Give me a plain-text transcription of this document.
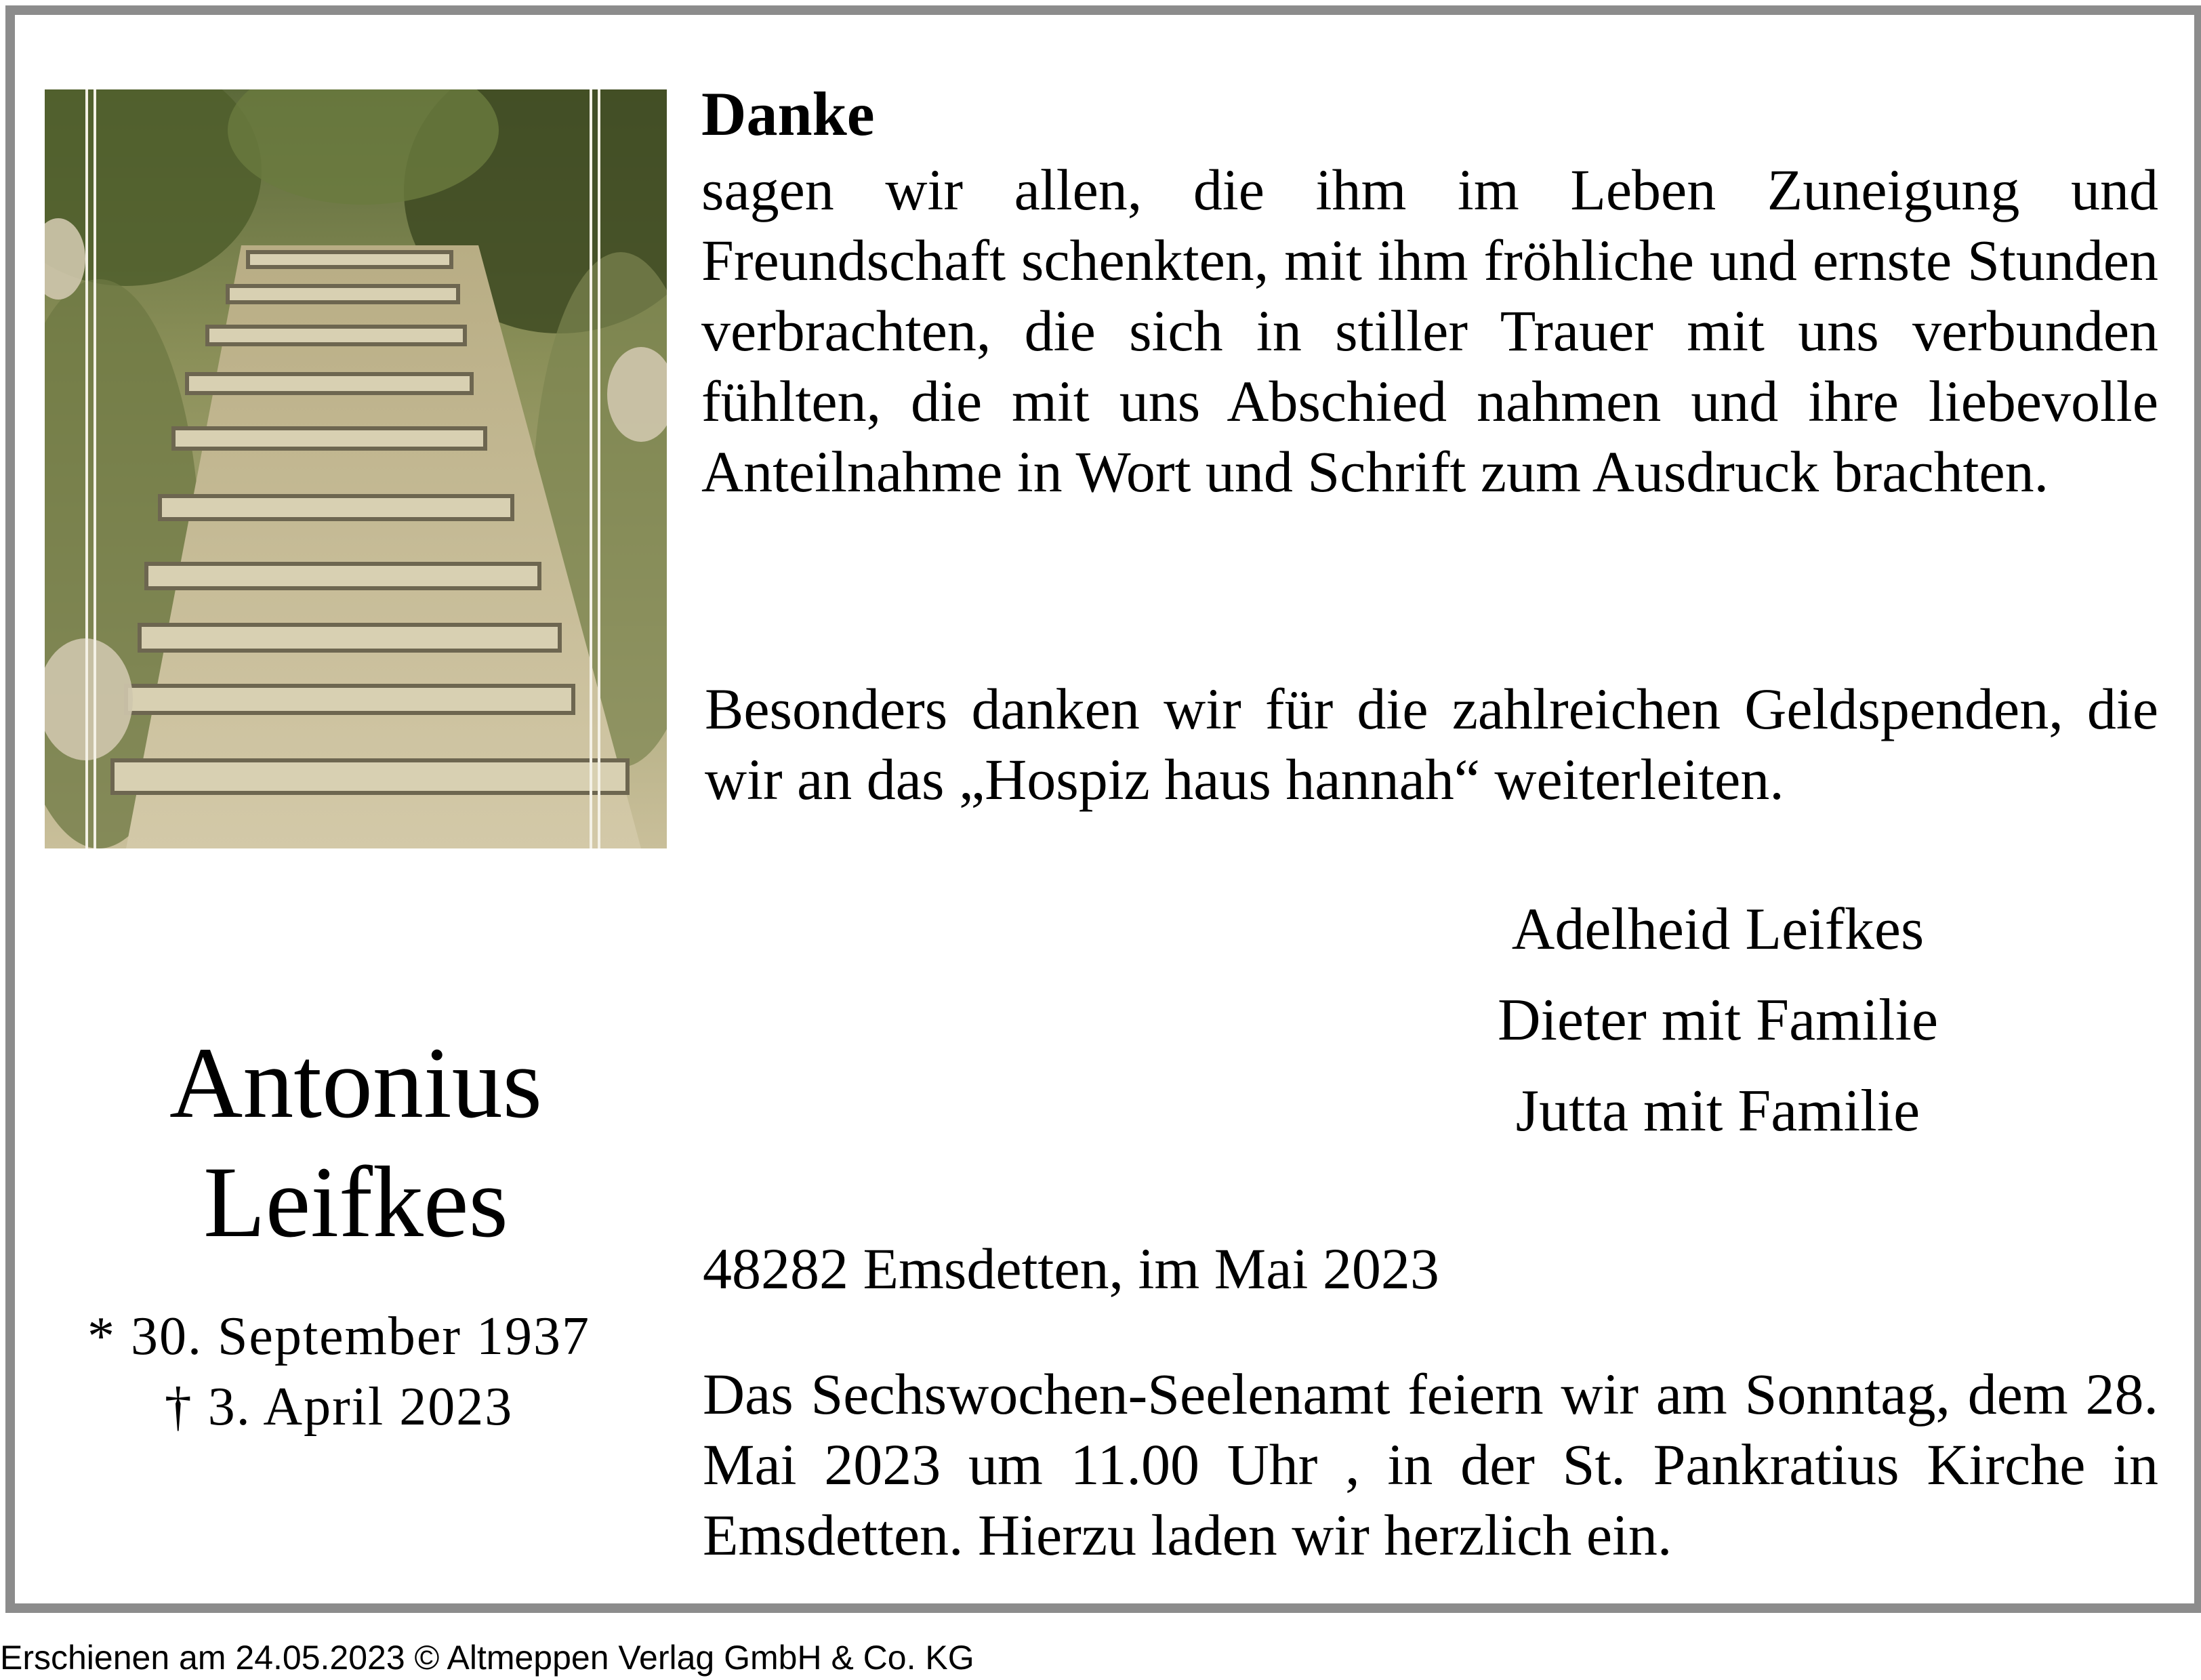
Danke
sagen wir allen, die ihm im Leben Zuneigung und Freundschaft schenkten, mit ihm fröhliche und ernste Stunden verbrachten, die sich in stiller Trauer mit uns verbunden fühlten, die mit uns Abschied nahmen und ihre liebevolle Anteilnahme in Wort und Schrift zum Ausdruck brachten.
Besonders danken wir für die zahlreichen Geldspenden, die wir an das „Hospiz haus hannah“ weiterleiten.
Adelheid Leifkes
Dieter mit Familie
Jutta mit Familie
Antonius
Leifkes
* 30. September 1937
† 3. April 2023
48282 Emsdetten, im Mai 2023
Das Sechswochen-Seelenamt feiern wir am Sonntag, dem 28. Mai 2023 um 11.00 Uhr , in der St. Pankratius Kirche in Emsdetten. Hierzu laden wir herzlich ein.
Erschienen am 24.05.2023 © Altmeppen Verlag GmbH & Co. KG
